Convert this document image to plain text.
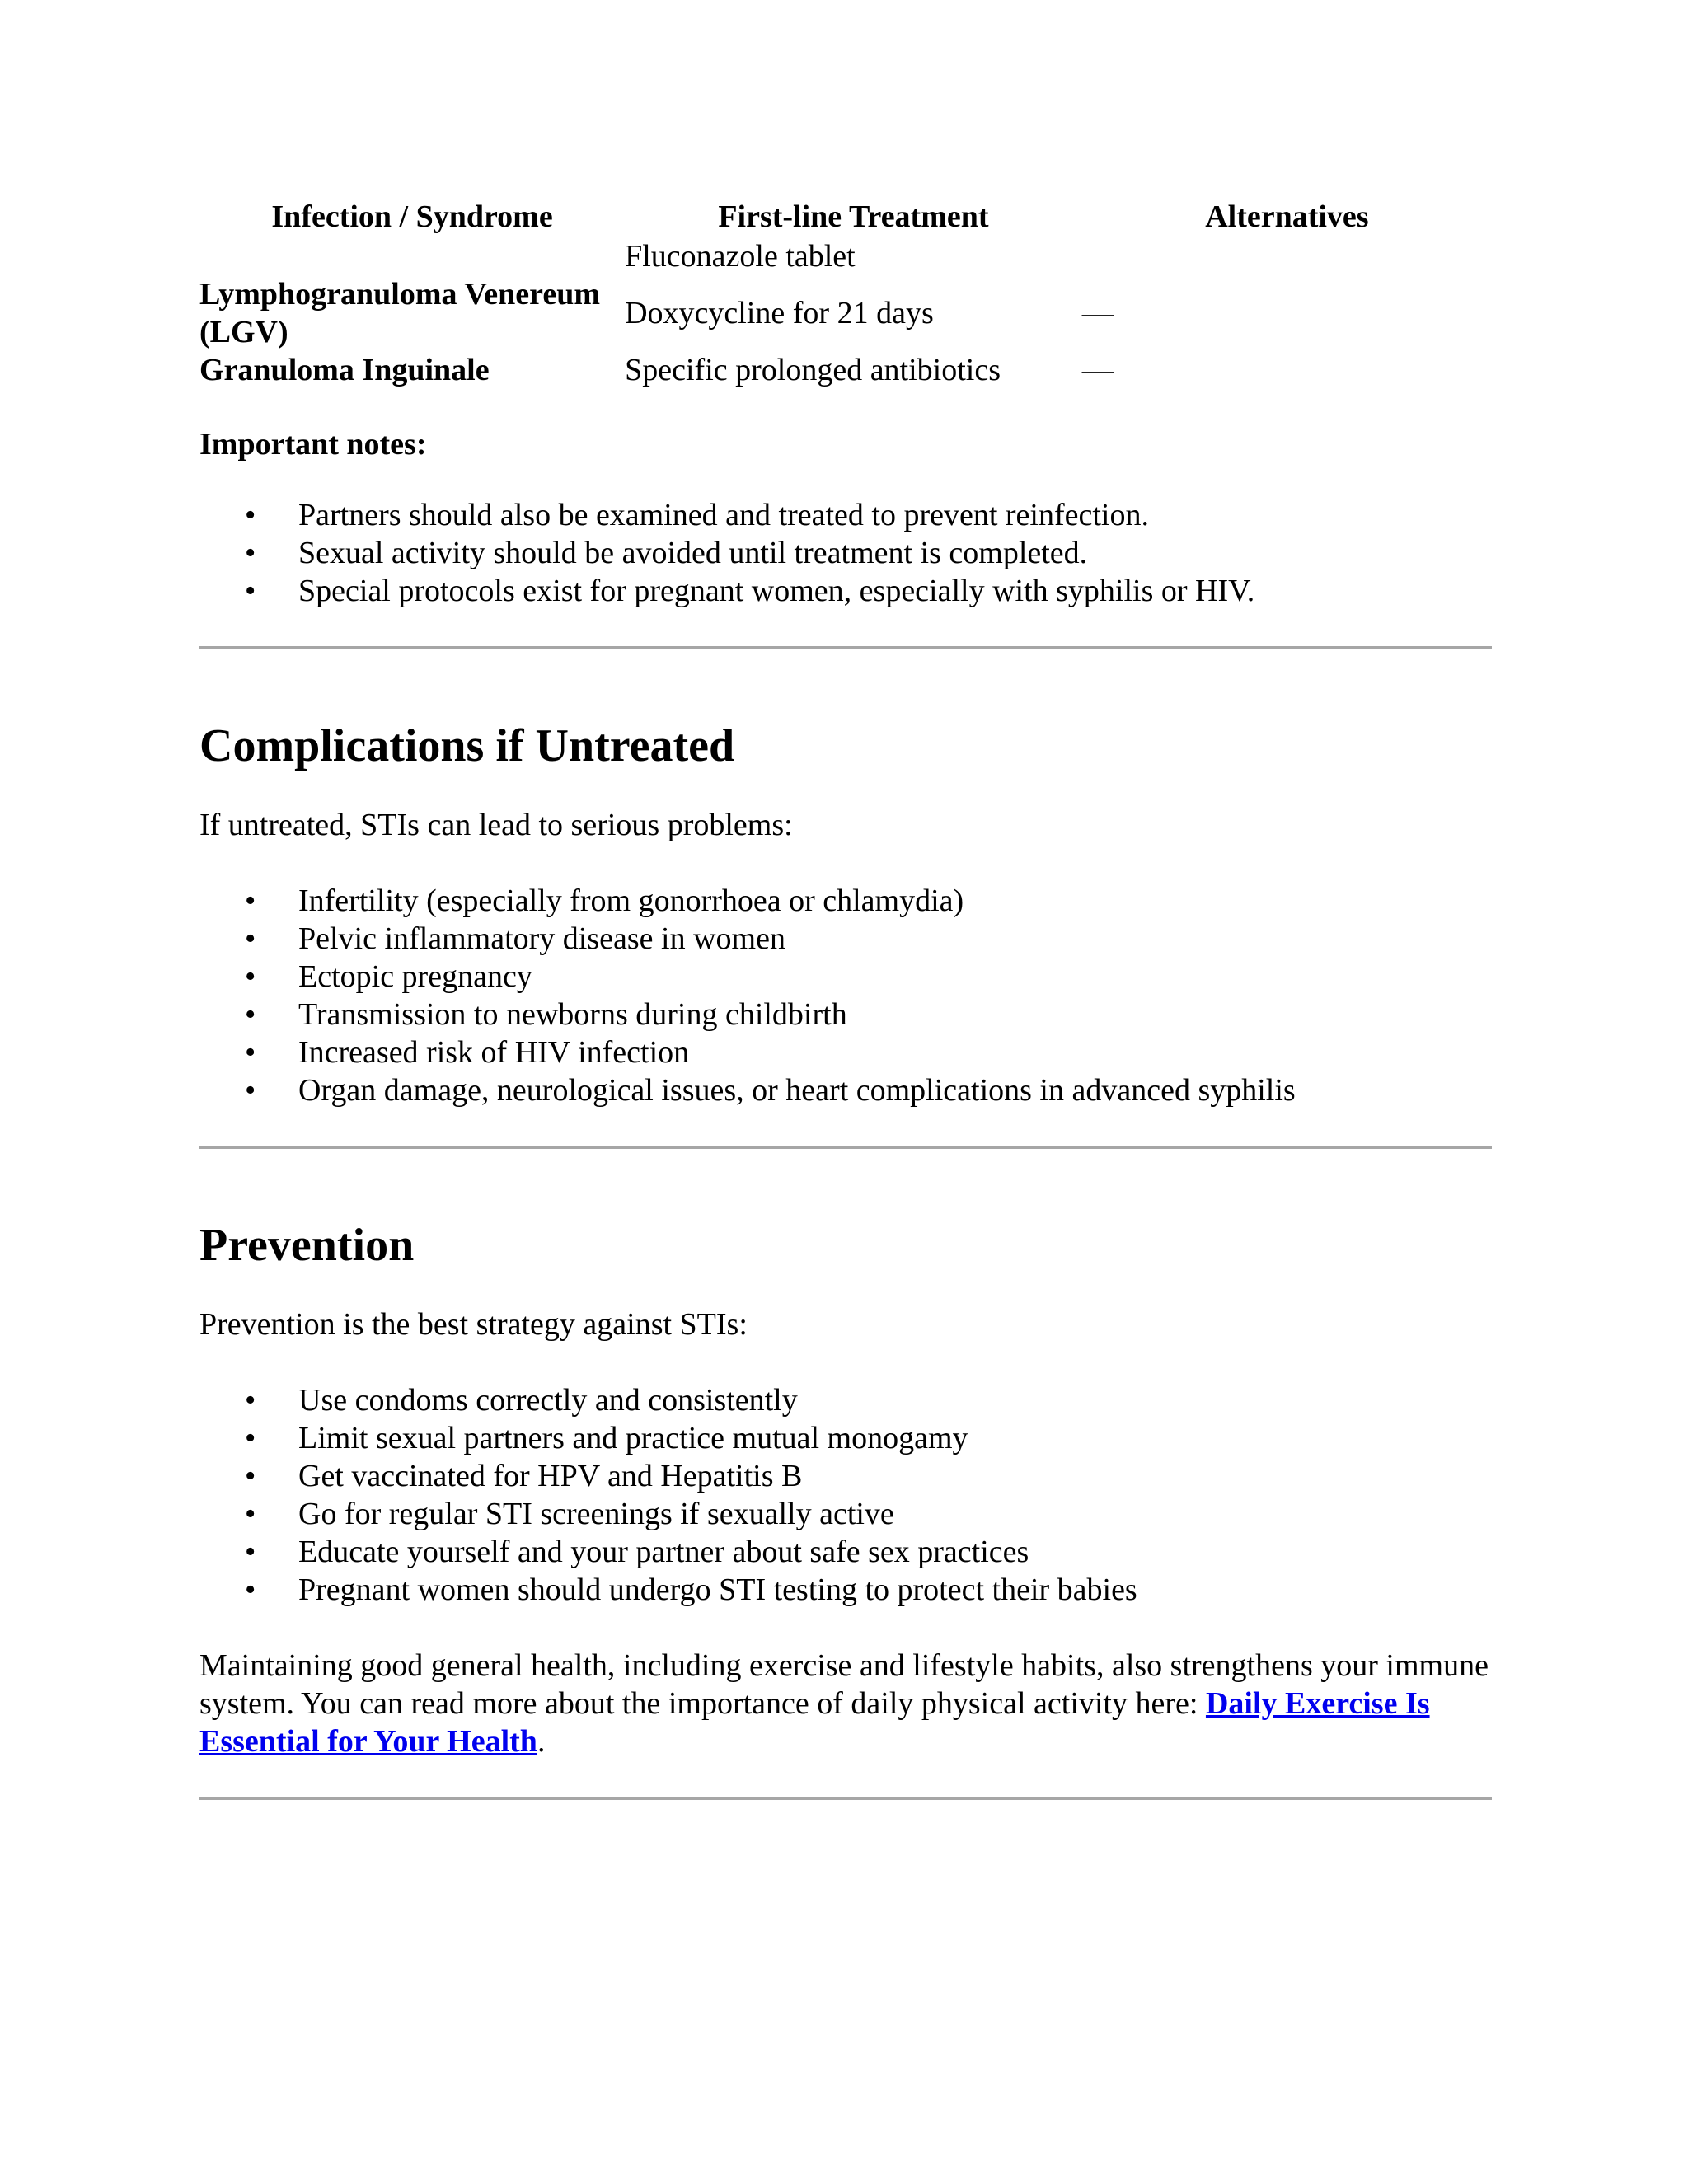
Infection / Syndrome	First-line Treatment	Alternatives
	Fluconazole tablet	
Lymphogranuloma Venereum (LGV)	Doxycycline for 21 days	—
Granuloma Inguinale	Specific prolonged antibiotics	—
Important notes:
• Partners should also be examined and treated to prevent reinfection.
• Sexual activity should be avoided until treatment is completed.
• Special protocols exist for pregnant women, especially with syphilis or HIV.
Complications if Untreated

If untreated, STIs can lead to serious problems:

• Infertility (especially from gonorrhoea or chlamydia)
• Pelvic inflammatory disease in women
• Ectopic pregnancy
• Transmission to newborns during childbirth
• Increased risk of HIV infection
• Organ damage, neurological issues, or heart complications in advanced syphilis
Prevention

Prevention is the best strategy against STIs:

• Use condoms correctly and consistently
• Limit sexual partners and practice mutual monogamy
• Get vaccinated for HPV and Hepatitis B
• Go for regular STI screenings if sexually active
• Educate yourself and your partner about safe sex practices
• Pregnant women should undergo STI testing to protect their babies

Maintaining good general health, including exercise and lifestyle habits, also strengthens your immune system. You can read more about the importance of daily physical activity here: Daily Exercise Is Essential for Your Health.
